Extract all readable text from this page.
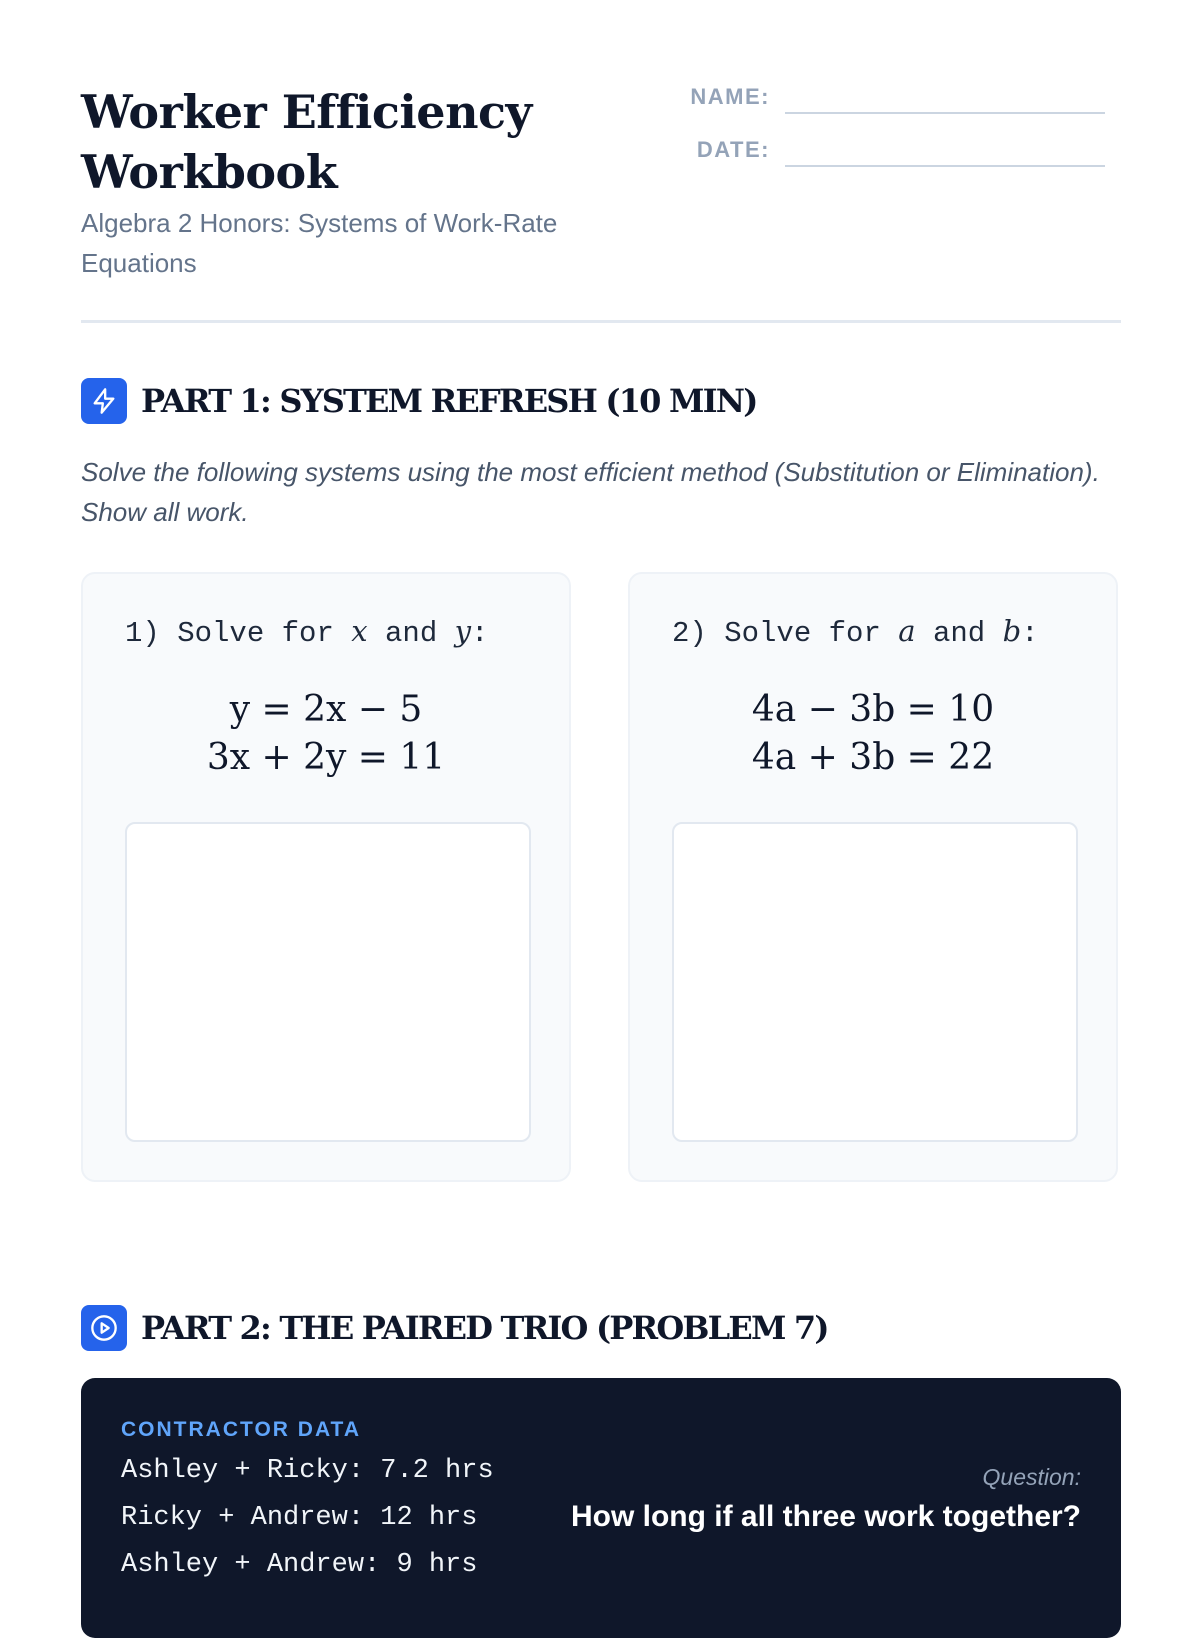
Worker Efficiency Workbook

Algebra 2 Honors: Systems of Work-Rate Equations

NAME:
DATE:
PART 1: SYSTEM REFRESH (10 MIN)

Solve the following systems using the most efficient method (Substitution or Elimination). Show all work.

1) Solve for x and y:
y = 2x − 5
3x + 2y = 11
2) Solve for a and b:
4a − 3b = 10
4a + 3b = 22
PART 2: THE PAIRED TRIO (PROBLEM 7)
CONTRACTOR DATA
Ashley + Ricky: 7.2 hrs
Ricky + Andrew: 12 hrs
Ashley + Andrew: 9 hrs
Question:
How long if all three work together?
